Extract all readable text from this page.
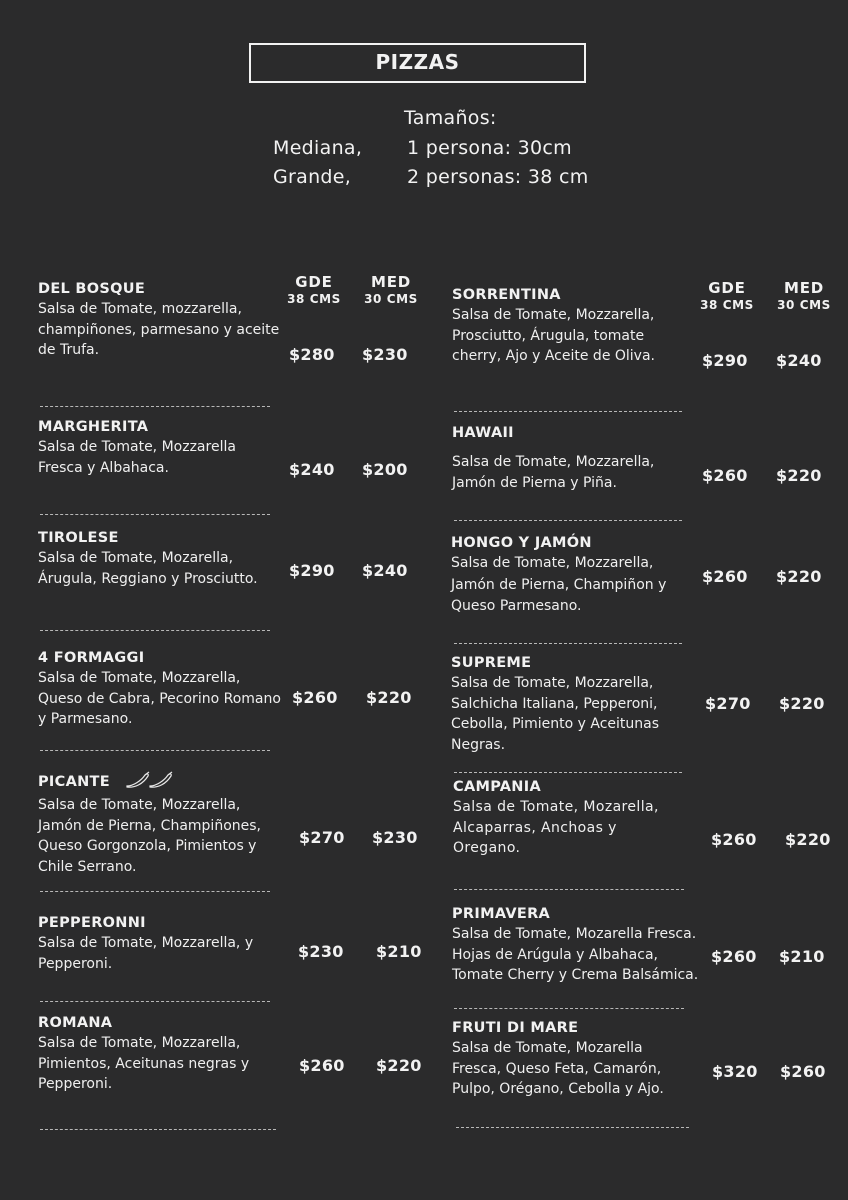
PIZZAS
Tamaños:
Mediana, 1 persona: 30cm
Grande,	2 personas: 38 cm
GDE
38 CMS
MED
30 CMS
GDE
38 CMS
MED
30 CMS
DEL BOSQUE
Salsa de Tomate, mozzarella, champiñones, parmesano y aceite de Trufa.	$280 $230
MARGHERITA
Salsa de Tomate, Mozzarella Fresca y Albahaca.	$240 $200
TIROLESE
Salsa de Tomate, Mozarella, Árugula, Reggiano y Prosciutto.	$290 $240
4 FORMAGGI
Salsa de Tomate, Mozzarella, Queso de Cabra, Pecorino Romano y Parmesano.
$260 $220
PICANTE
Salsa de Tomate, Mozzarella, Jamón de Pierna, Champiñones, Queso Gorgonzola, Pimientos y Chile Serrano.
$270 $230
PEPPERONNI
Salsa de Tomate, Mozzarella, y Pepperoni.
$230 $210
ROMANA
Salsa de Tomate, Mozzarella, Pimientos, Aceitunas negras y Pepperoni.
$260 $220
SORRENTINA
Salsa de Tomate, Mozzarella, Prosciutto, Árugula, tomate cherry, Ajo y Aceite de Oliva.	$290 $240
HAWAII
Salsa de Tomate, Mozzarella, Jamón de Pierna y Piña.	$260 $220
HONGO Y JAMÓN
Salsa de Tomate, Mozzarella, Jamón de Pierna, Champiñon y Queso Parmesano.
$260 $220
SUPREME
Salsa de Tomate, Mozzarella, Salchicha Italiana, Pepperoni, Cebolla, Pimiento y Aceitunas Negras.
$270 $220
CAMPANIA
Salsa de Tomate, Mozarella, Alcaparras, Anchoas y Oregano.	$260 $220
PRIMAVERA
Salsa de Tomate, Mozarella Fresca. Hojas de Arúgula y Albahaca, Tomate Cherry y Crema Balsámica.
$260 $210
FRUTI DI MARE
Salsa de Tomate, Mozarella Fresca, Queso Feta, Camarón, Pulpo, Orégano, Cebolla y Ajo.
$320 $260
